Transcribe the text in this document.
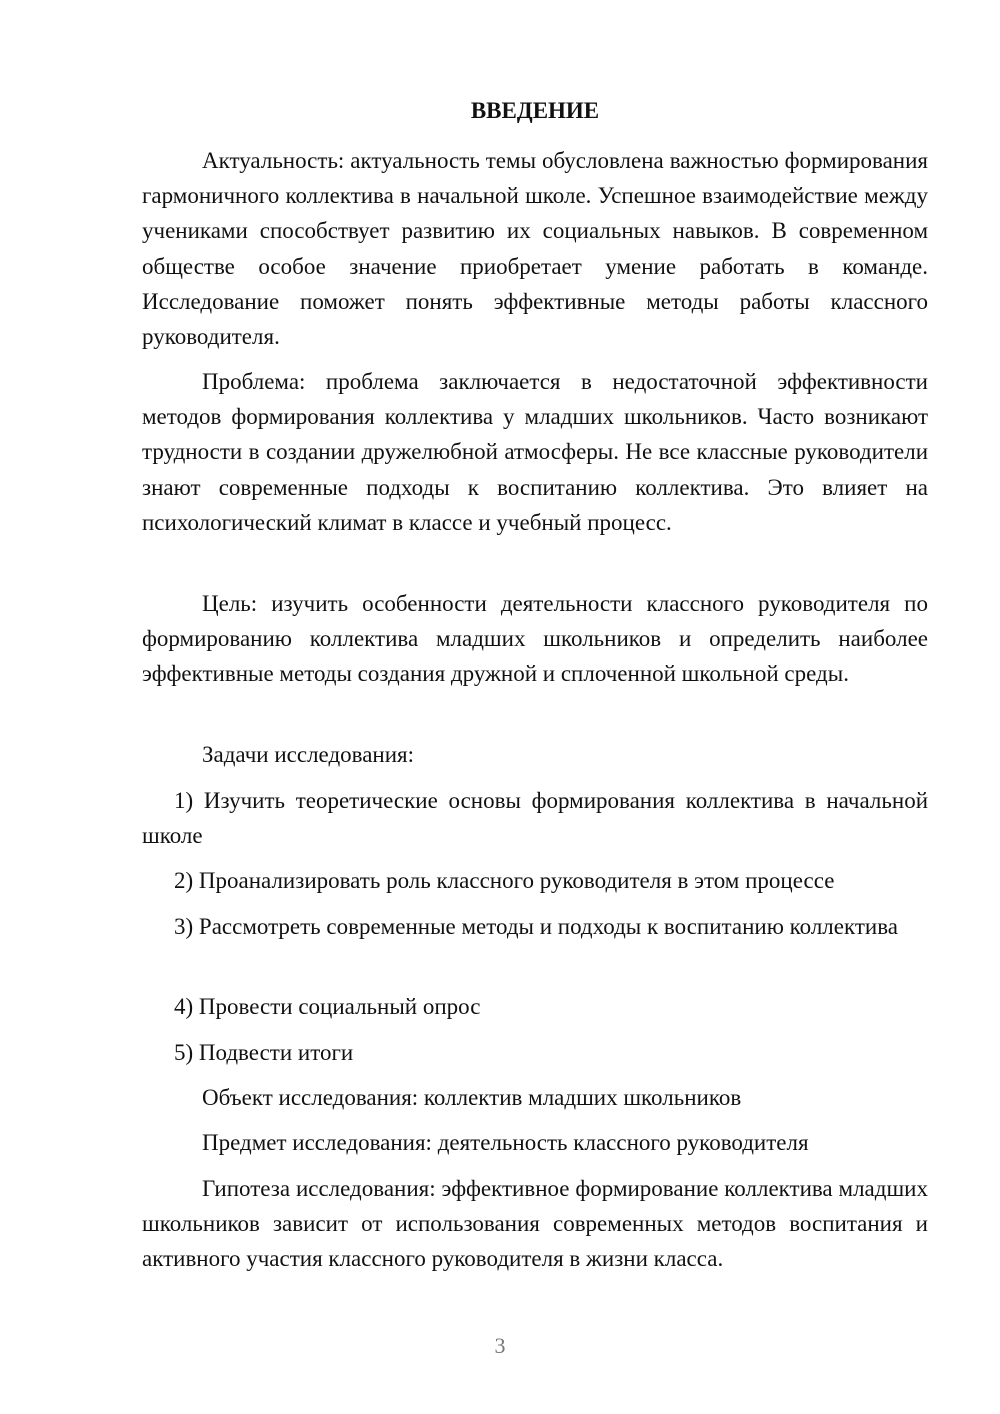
ВВЕДЕНИЕ

Актуальность: актуальность темы обусловлена важностью формирования гармоничного коллектива в начальной школе. Успешное взаимодействие между учениками способствует развитию их социальных навыков. В современном обществе особое значение приобретает умение работать в команде. Исследование поможет понять эффективные методы работы классного руководителя.

Проблема: проблема заключается в недостаточной эффективности методов формирования коллектива у младших школьников. Часто возникают трудности в создании дружелюбной атмосферы. Не все классные руководители знают современные подходы к воспитанию коллектива. Это влияет на психологический климат в классе и учебный процесс.

Цель: изучить особенности деятельности классного руководителя по формированию коллектива младших школьников и определить наиболее эффективные методы создания дружной и сплоченной школьной среды.

Задачи исследования:

1) Изучить теоретические основы формирования коллектива в начальной школе

2) Проанализировать роль классного руководителя в этом процессе

3) Рассмотреть современные методы и подходы к воспитанию коллектива

4) Провести социальный опрос

5) Подвести итоги

Объект исследования: коллектив младших школьников

Предмет исследования: деятельность классного руководителя

Гипотеза исследования: эффективное формирование коллектива младших школьников зависит от использования современных методов воспитания и активного участия классного руководителя в жизни класса.

3
